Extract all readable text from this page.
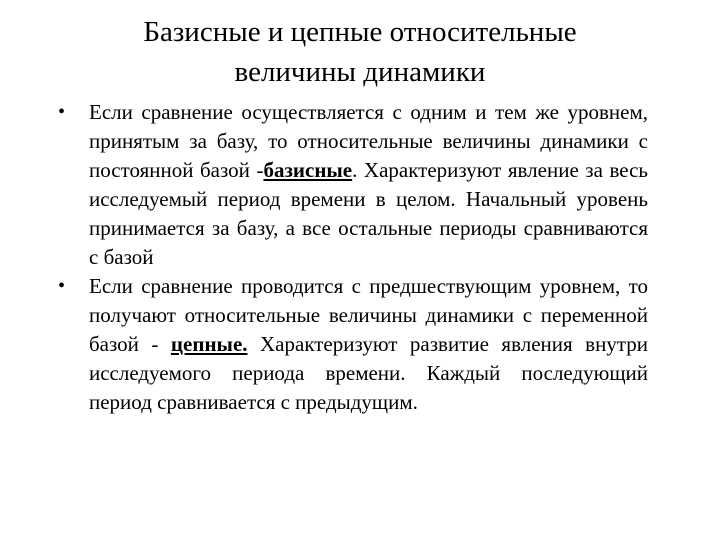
Базисные и цепные относительные
величины динамики
• Если сравнение осуществляется с одним и тем же уровнем, принятым за базу, то относительные величины динамики с постоянной базой -базисные. Характеризуют явление за весь исследуемый период времени в целом. Начальный уровень принимается за базу, а все остальные периоды сравниваются с базой
• Если сравнение проводится с предшествующим уровнем, то получают относительные величины динамики с переменной базой - цепные. Характеризуют развитие явления внутри исследуемого периода времени. Каждый последующий период сравнивается с предыдущим.
